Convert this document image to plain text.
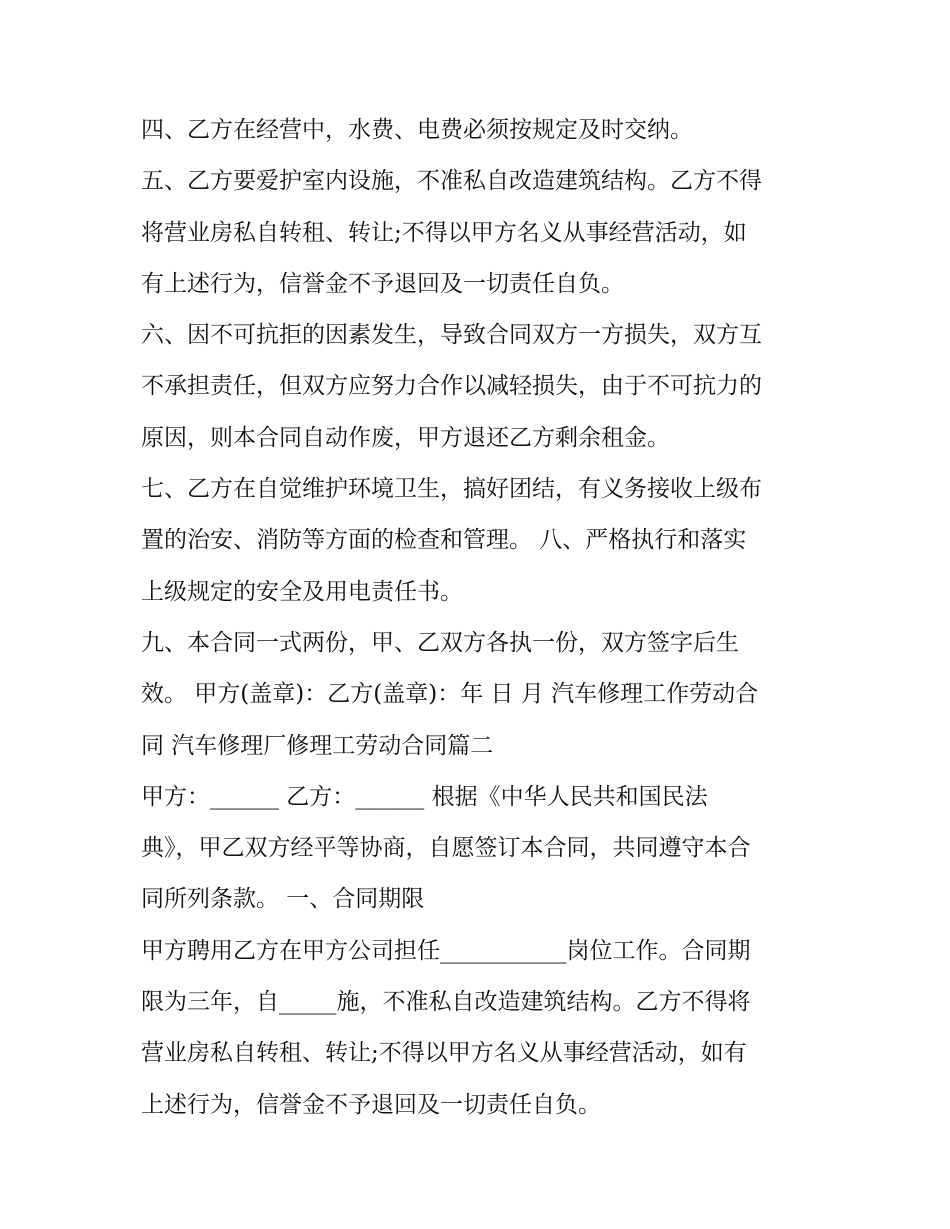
四、乙方在经营中，水费、电费必须按规定及时交纳。
五、乙方要爱护室内设施，不准私自改造建筑结构。乙方不得
将营业房私自转租、转让;不得以甲方名义从事经营活动，如
有上述行为，信誉金不予退回及一切责任自负。
六、因不可抗拒的因素发生，导致合同双方一方损失，双方互
不承担责任，但双方应努力合作以减轻损失，由于不可抗力的
原因，则本合同自动作废，甲方退还乙方剩余租金。
七、乙方在自觉维护环境卫生，搞好团结，有义务接收上级布
置的治安、消防等方面的检查和管理。 八、严格执行和落实
上级规定的安全及用电责任书。
九、本合同一式两份，甲、乙双方各执一份，双方签字后生
效。 甲方(盖章)：乙方(盖章)：年 日 月 汽车修理工作劳动合
同 汽车修理厂修理工劳动合同篇二
甲方：______ 乙方：______ 根据《中华人民共和国民法
典》，甲乙双方经平等协商，自愿签订本合同，共同遵守本合
同所列条款。 一、合同期限
甲方聘用乙方在甲方公司担任___________岗位工作。合同期
限为三年，自_____施，不准私自改造建筑结构。乙方不得将
营业房私自转租、转让;不得以甲方名义从事经营活动，如有
上述行为，信誉金不予退回及一切责任自负。
